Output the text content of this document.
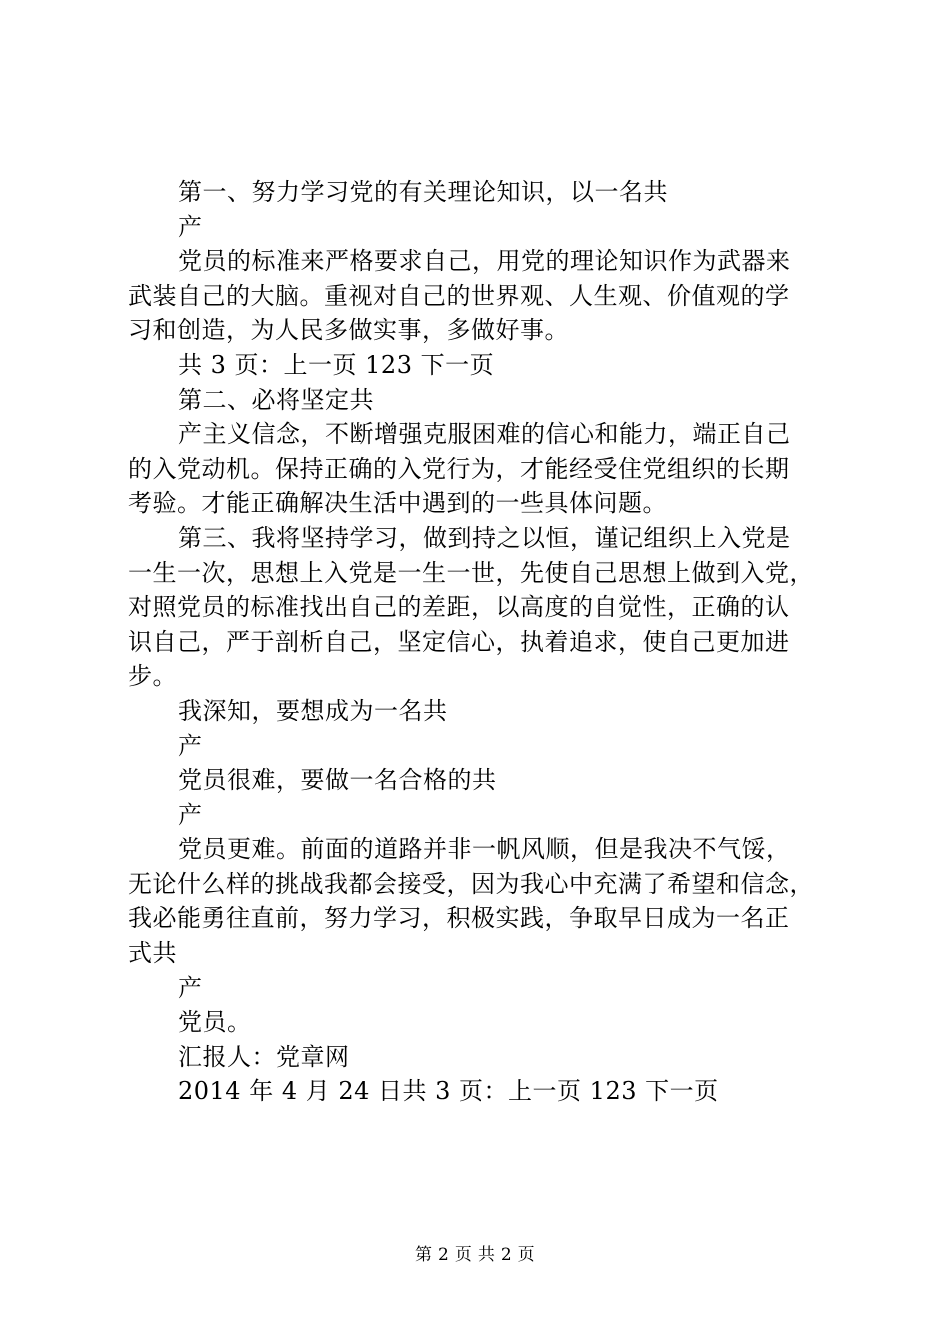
第一、努力学习党的有关理论知识，以一名共
产
党员的标准来严格要求自己，用党的理论知识作为武器来
武装自己的大脑。重视对自己的世界观、人生观、价值观的学
习和创造，为人民多做实事，多做好事。
共 3 页：上一页 123 下一页
第二、必将坚定共
产主义信念，不断增强克服困难的信心和能力，端正自己
的入党动机。保持正确的入党行为，才能经受住党组织的长期
考验。才能正确解决生活中遇到的一些具体问题。
第三、我将坚持学习，做到持之以恒，谨记组织上入党是
一生一次，思想上入党是一生一世，先使自己思想上做到入党，
对照党员的标准找出自己的差距，以高度的自觉性，正确的认
识自己，严于剖析自己，坚定信心，执着追求，使自己更加进
步。
我深知，要想成为一名共
产
党员很难，要做一名合格的共
产
党员更难。前面的道路并非一帆风顺，但是我决不气馁，
无论什么样的挑战我都会接受，因为我心中充满了希望和信念，
我必能勇往直前，努力学习，积极实践，争取早日成为一名正
式共
产
党员。
汇报人：党章网
2014 年 4 月 24 日共 3 页：上一页 123 下一页
第 2 页 共 2 页
